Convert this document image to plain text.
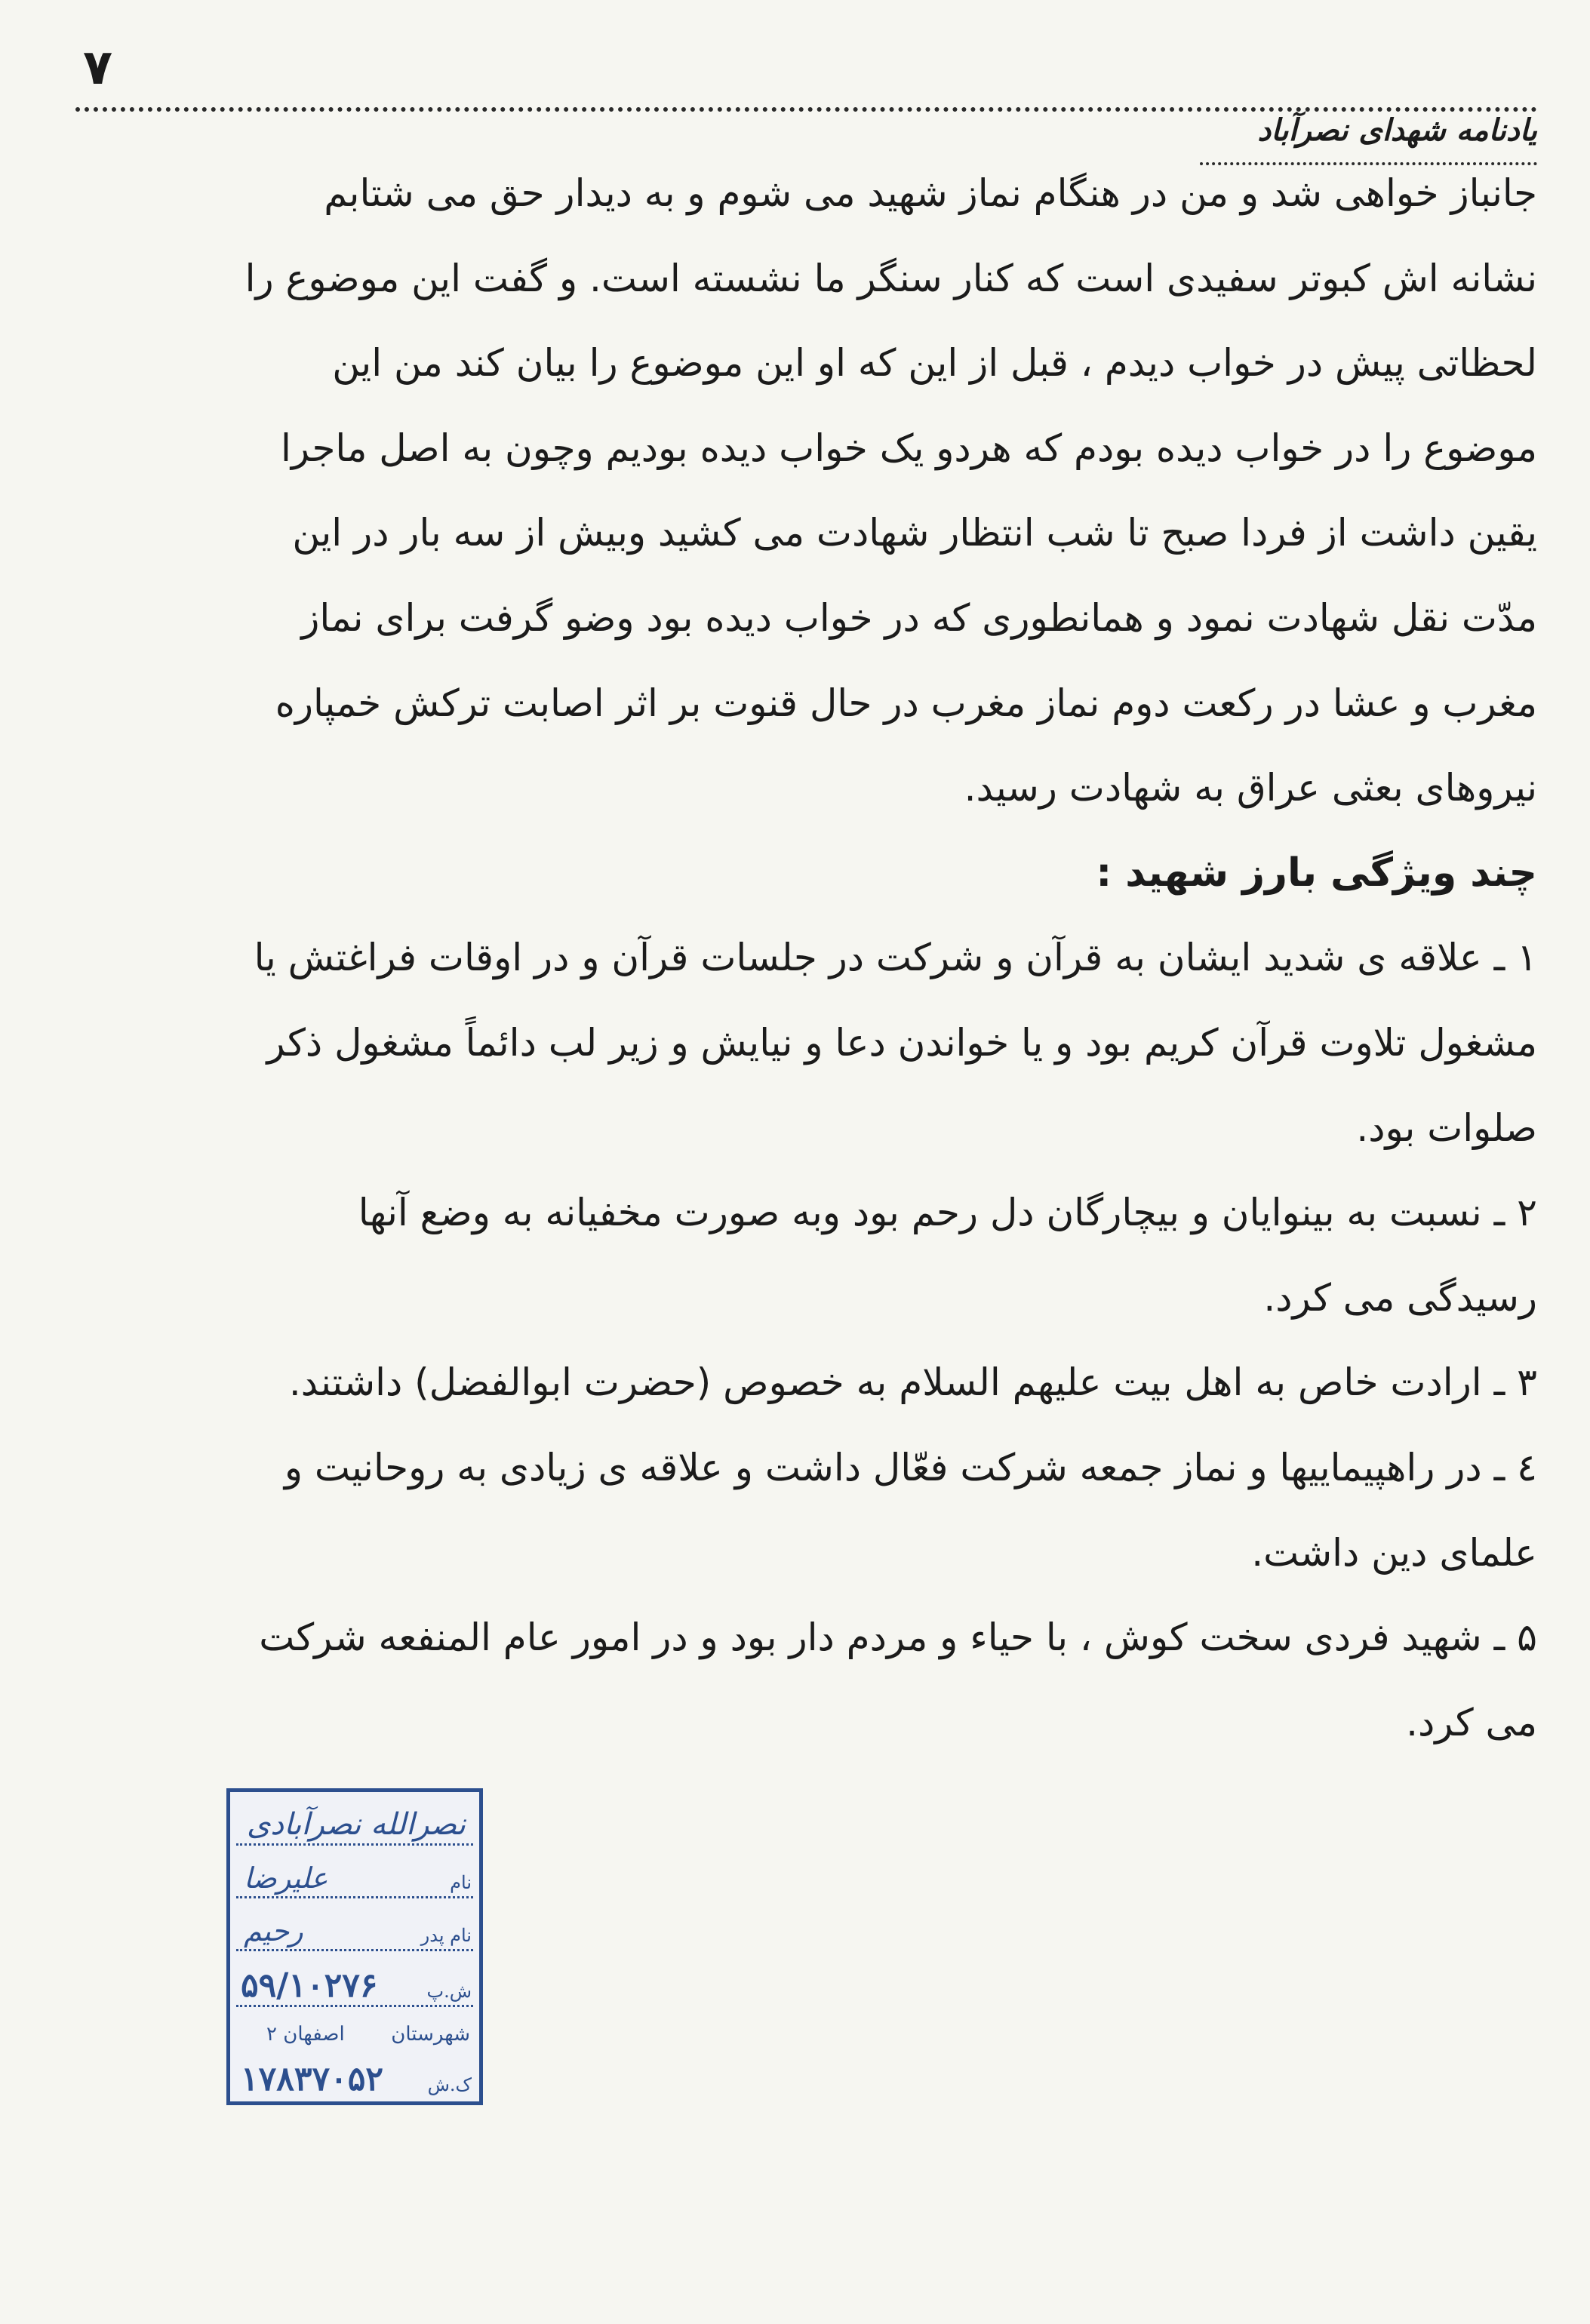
۷
یادنامه شهدای نصرآباد
جانباز خواهی شد و من در هنگام نماز شهید می شوم و به دیدار حق می شتابم
نشانه اش کبوتر سفیدی است که کنار سنگر ما نشسته است. و گفت این موضوع را
لحظاتی پیش در خواب دیدم ، قبل از این که او این موضوع را بیان کند من این
موضوع را در خواب دیده بودم که هردو یک خواب دیده بودیم وچون به اصل ماجرا
یقین داشت از فردا صبح تا شب انتظار شهادت می کشید وبیش از سه بار در این
مدّت نقل شهادت نمود و همانطوری که در خواب دیده بود وضو گرفت برای نماز
مغرب و عشا در رکعت دوم نماز مغرب در حال قنوت بر اثر اصابت ترکش خمپاره
نیروهای بعثی عراق به شهادت رسید.
چند ویژگی بارز شهید :
۱ ـ علاقه ی شدید ایشان به قرآن و شرکت در جلسات قرآن و در اوقات فراغتش یا
مشغول تلاوت قرآن کریم بود و یا خواندن دعا و نیایش و زیر لب دائماً مشغول ذکر
صلوات بود.
۲ ـ نسبت به بینوایان و بیچارگان دل رحم بود وبه صورت مخفیانه به وضع آنها
رسیدگی می کرد.
۳ ـ ارادت خاص به اهل بیت علیهم السلام به خصوص (حضرت ابوالفضل) داشتند.
٤ ـ در راهپیماییها و نماز جمعه شرکت فعّال داشت و علاقه ی زیادی به روحانیت و
علمای دین داشت.
۵ ـ شهید فردی سخت کوش ، با حیاء و مردم دار بود و در امور عام المنفعه شرکت
می کرد.
نصرالله نصرآبادی
نام
علیرضا
نام پدر
رحیم
ش.پ
۵۹/۱۰۲۷۶
شهرستان
اصفهان ۲
ک.ش
۱۷۸۳۷۰۵۲
